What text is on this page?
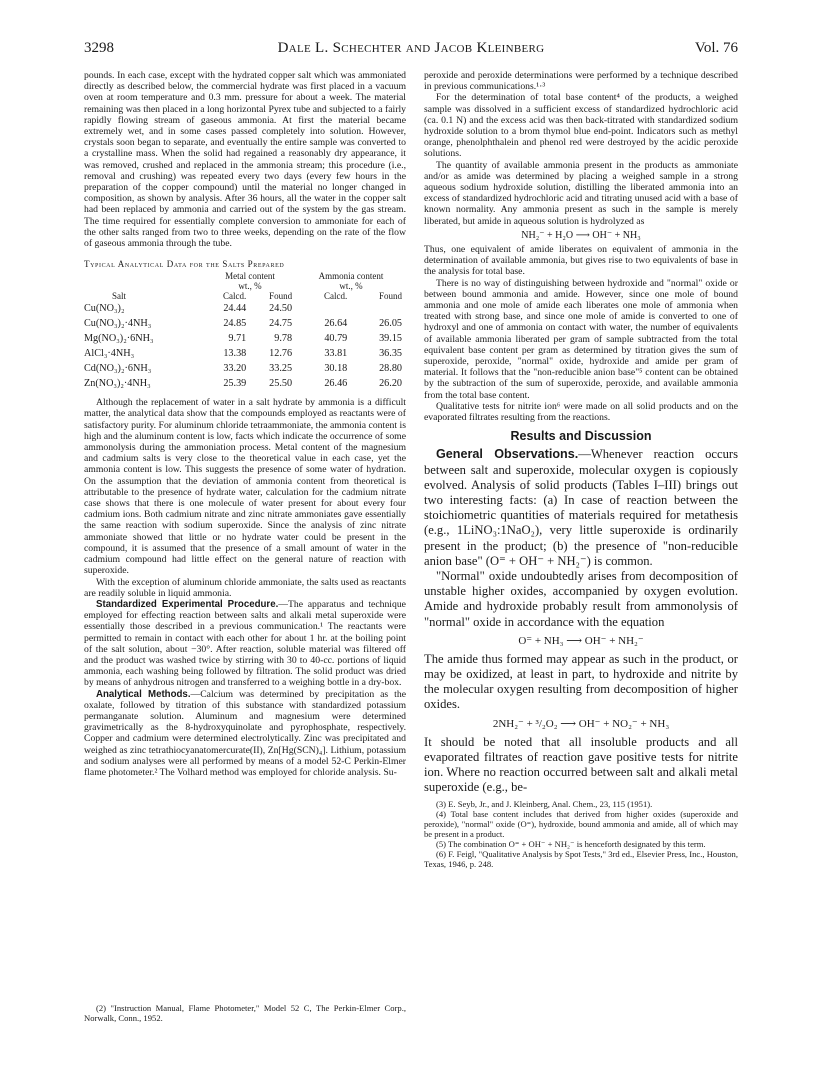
3298	Dale L. Schechter and Jacob Kleinberg	Vol. 76

pounds. In each case, except with the hydrated copper salt which was ammoniated directly as described below, the commercial hydrate was first placed in a vacuum oven at room temperature and 0.3 mm. pressure for about a week. The material remaining was then placed in a long horizontal Pyrex tube and subjected to a fairly rapidly flowing stream of gaseous ammonia. At first the material became extremely wet, and in some cases passed completely into solution. However, crystals soon began to separate, and eventually the entire sample was converted to a crystalline mass. When the solid had regained a reasonably dry appearance, it was removed, crushed and replaced in the ammonia stream; this procedure (i.e., removal and crushing) was repeated every two days (every few hours in the preparation of the copper compound) until the material no longer changed in composition, as shown by analysis. After 36 hours, all the water in the copper salt had been replaced by ammonia and carried out of the system by the gas stream. The time required for essentially complete conversion to ammoniate for each of the other salts ranged from two to three weeks, depending on the rate of the flow of gaseous ammonia through the tube.

Typical Analytical Data for the Salts Prepared
	Metal content		Ammonia content	
	wt., %		wt., %	
Salt	Calcd.	Found	Calcd.	Found
Cu(NO₃)₂	24.44	24.50		
Cu(NO₃)₂·4NH₃	24.85	24.75	26.64	26.05
Mg(NO₃)₂·6NH₃	9.71	9.78	40.79	39.15
AlCl₃·4NH₃	13.38	12.76	33.81	36.35
Cd(NO₃)₂·6NH₃	33.20	33.25	30.18	28.80
Zn(NO₃)₂·4NH₃	25.39	25.50	26.46	26.20

Although the replacement of water in a salt hydrate by ammonia is a difficult matter, the analytical data show that the compounds employed as reactants were of satisfactory purity. For aluminum chloride tetraammoniate, the ammonia content is high and the aluminum content is low, facts which indicate the occurrence of some ammonolysis during the ammoniation process. Metal content of the magnesium and cadmium salts is very close to the theoretical value in each case, yet the ammonia content is low. This suggests the presence of some water of hydration. On the assumption that the deviation of ammonia content from theoretical is attributable to the presence of hydrate water, calculation for the cadmium nitrate case shows that there is one molecule of water present for about every four cadmium ions. Both cadmium nitrate and zinc nitrate ammoniates gave essentially the same reaction with sodium superoxide. Since the analysis of zinc nitrate ammoniate showed that little or no hydrate water could be present in the compound, it is assumed that the presence of a small amount of water in the cadmium compound had little effect on the general nature of reaction with superoxide.

With the exception of aluminum chloride ammoniate, the salts used as reactants are readily soluble in liquid ammonia.

Standardized Experimental Procedure.—The apparatus and technique employed for effecting reaction between salts and alkali metal superoxide were essentially those described in a previous communication.¹ The reactants were permitted to remain in contact with each other for about 1 hr. at the boiling point of the salt solution, about −30°. After reaction, soluble material was filtered off and the product was washed twice by stirring with 30 to 40-cc. portions of liquid ammonia, each washing being followed by filtration. The solid product was dried by means of anhydrous nitrogen and transferred to a weighing bottle in a dry-box.

Analytical Methods.—Calcium was determined by precipitation as the oxalate, followed by titration of this substance with standardized potassium permanganate solution. Aluminum and magnesium were determined gravimetrically as the 8-hydroxyquinolate and pyrophosphate, respectively. Copper and cadmium were determined electrolytically. Zinc was precipitated and weighed as zinc tetrathiocyanatomercurate(II), Zn[Hg(SCN)₄]. Lithium, potassium and sodium analyses were all performed by means of a model 52-C Perkin-Elmer flame photometer.² The Volhard method was employed for chloride analysis. Su-

(2) "Instruction Manual, Flame Photometer," Model 52 C, The Perkin-Elmer Corp., Norwalk, Conn., 1952.

peroxide and peroxide determinations were performed by a technique described in previous communications.¹·³

For the determination of total base content⁴ of the products, a weighed sample was dissolved in a sufficient excess of standardized hydrochloric acid (ca. 0.1 N) and the excess acid was then back-titrated with standardized sodium hydroxide solution to a brom thymol blue end-point. Indicators such as methyl orange, phenolphthalein and phenol red were destroyed by the acidic peroxide solutions.

The quantity of available ammonia present in the products as ammoniate and/or as amide was determined by placing a weighed sample in a strong aqueous sodium hydroxide solution, distilling the liberated ammonia into an excess of standardized hydrochloric acid and titrating unused acid with a base of known normality. Any ammonia present as such in the sample is merely liberated, but amide in aqueous solution is hydrolyzed as

NH₂⁻ + H₂O ⟶ OH⁻ + NH₃

Thus, one equivalent of amide liberates on equivalent of ammonia in the determination of available ammonia, but gives rise to two equivalents of base in the analysis for total base.

There is no way of distinguishing between hydroxide and "normal" oxide or between bound ammonia and amide. However, since one mole of bound ammonia and one mole of amide each liberates one mole of ammonia when treated with strong base, and since one mole of amide is converted to one of hydroxyl and one of ammonia on contact with water, the number of equivalents of available ammonia liberated per gram of sample subtracted from the total equivalent base content per gram as determined by titration gives the sum of superoxide, peroxide, "normal" oxide, hydroxide and amide per gram of material. It follows that the "non-reducible anion base"⁵ content can be obtained by the subtraction of the sum of superoxide, peroxide, and available ammonia from the total base content.

Qualitative tests for nitrite ion⁶ were made on all solid products and on the evaporated filtrates resulting from the reactions.

Results and Discussion

General Observations.—Whenever reaction occurs between salt and superoxide, molecular oxygen is copiously evolved. Analysis of solid products (Tables I–III) brings out two interesting facts: (a) In case of reaction between the stoichiometric quantities of materials required for metathesis (e.g., 1LiNO₃:1NaO₂), very little superoxide is ordinarily present in the product; (b) the presence of "non-reducible anion base" (O⁼ + OH⁻ + NH₂⁻) is common.

"Normal" oxide undoubtedly arises from decomposition of unstable higher oxides, accompanied by oxygen evolution. Amide and hydroxide probably result from ammonolysis of "normal" oxide in accordance with the equation

O⁼ + NH₃ ⟶ OH⁻ + NH₂⁻

The amide thus formed may appear as such in the product, or may be oxidized, at least in part, to hydroxide and nitrite by the molecular oxygen resulting from decomposition of higher oxides.

2NH₂⁻ + ³/₂O₂ ⟶ OH⁻ + NO₂⁻ + NH₃

It should be noted that all insoluble products and all evaporated filtrates of reaction gave positive tests for nitrite ion. Where no reaction occurred between salt and alkali metal superoxide (e.g., be-

(3) E. Seyb, Jr., and J. Kleinberg, Anal. Chem., 23, 115 (1951).

(4) Total base content includes that derived from higher oxides (superoxide and peroxide), "normal" oxide (O⁼), hydroxide, bound ammonia and amide, all of which may be present in a product.

(5) The combination O⁼ + OH⁻ + NH₂⁻ is henceforth designated by this term.

(6) F. Feigl, "Qualitative Analysis by Spot Tests," 3rd ed., Elsevier Press, Inc., Houston, Texas, 1946, p. 248.
